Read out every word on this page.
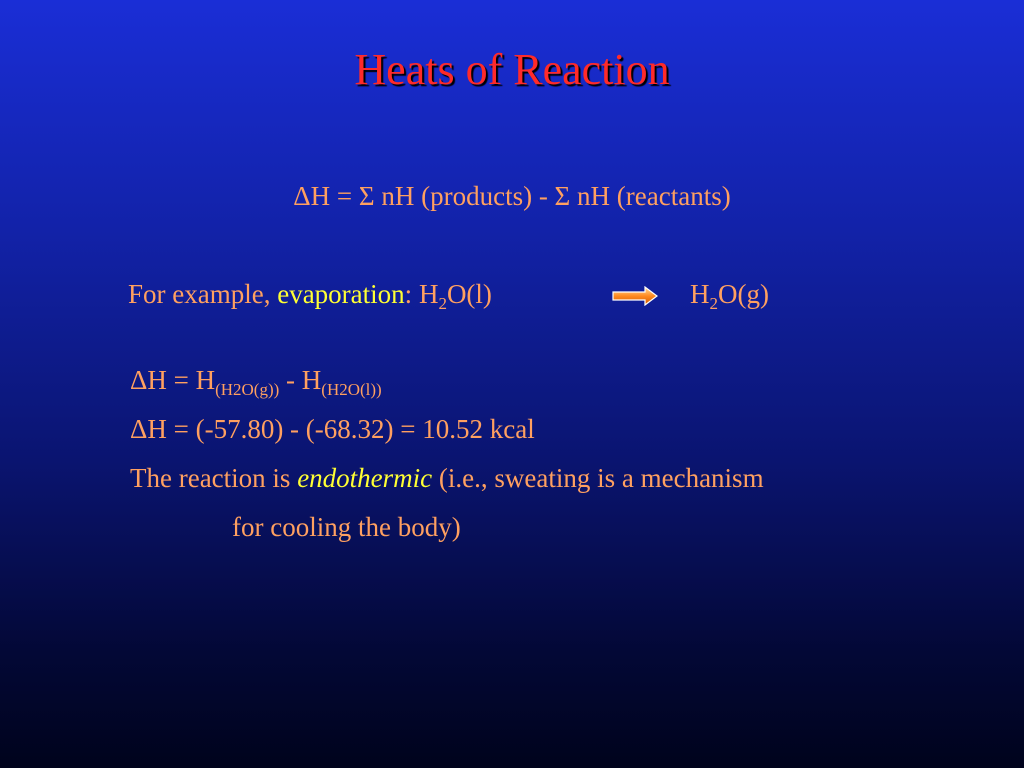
Heats of Reaction
ΔH = Σ nH (products) - Σ nH (reactants)
For example, evaporation: $H_2O(l)$	$H_2O(g)$
$\Delta H = H_{(H2O(g))} - H_{(H2O(l))}$
ΔH = (-57.80) - (-68.32) = 10.52 kcal
The reaction is endothermic (i.e., sweating is a mechanism
for cooling the body)
